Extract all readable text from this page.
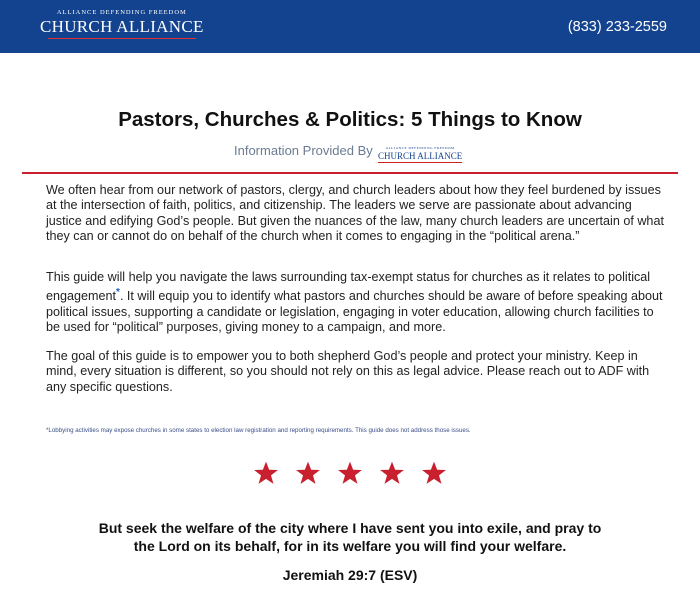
ALLIANCE DEFENDING FREEDOM
CHURCH ALLIANCE	(833) 233-2559
Pastors, Churches & Politics: 5 Things to Know
Information Provided By	ALLIANCE DEFENDING FREEDOM
CHURCH ALLIANCE
We often hear from our network of pastors, clergy, and church leaders about how they feel burdened by issues at the intersection of faith, politics, and citizenship. The leaders we serve are passionate about advancing justice and edifying God’s people. But given the nuances of the law, many church leaders are uncertain of what they can or cannot do on behalf of the church when it comes to engaging in the “political arena.”
This guide will help you navigate the laws surrounding tax-exempt status for churches as it relates to political engagement*. It will equip you to identify what pastors and churches should be aware of before speaking about political issues, supporting a candidate or legislation, engaging in voter education, allowing church facilities to be used for “political” purposes, giving money to a campaign, and more.
The goal of this guide is to empower you to both shepherd God’s people and protect your ministry. Keep in mind, every situation is different, so you should not rely on this as legal advice. Please reach out to ADF with any specific questions.
*Lobbying activities may expose churches in some states to election law registration and reporting requirements. This guide does not address those issues.
But seek the welfare of the city where I have sent you into exile, and pray to
the Lord on its behalf, for in its welfare you will find your welfare.
Jeremiah 29:7 (ESV)
